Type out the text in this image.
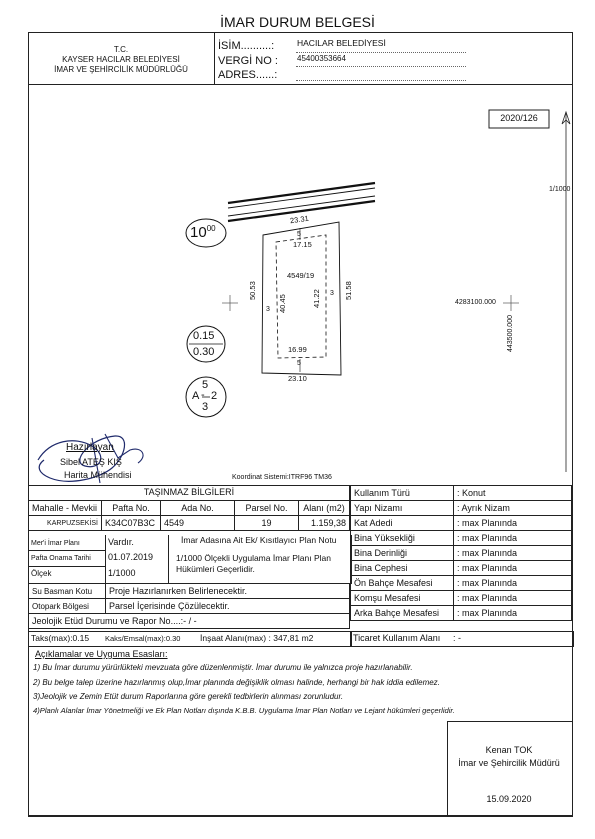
İMAR DURUM BELGESİ
T.C.
KAYSER HACILAR BELEDİYESİ
İMAR VE ŞEHİRCİLİK MÜDÜRLÜĞÜ
İSİM..........:	HACILAR BELEDİYESİ
VERGİ NO : 45400353664
ADRES......:
2020/126
1/1000
$10^{00}$
23.31
5
17.15
4549/19
50.53
3 40.45	41.22 3 51.58
16.99
5
23.10
4283100.000
443500.000
0.15
0.30
5
A - 2
3
Hazırlayan
Sibel ATEŞ KIŞ
Harita Mühendisi	Koordinat Sistemi:ITRF96 TM36
TAŞINMAZ BİLGİLERİ
Mahalle - Mevkii	Pafta No.	Ada No.	Parsel No.	Alanı (m2)
KARPUZSEKİSİ	K34C07B3C	4549	19	1.159,38
Mer'i İmar Planı	Vardır.	İmar Adasına Ait Ek/ Kısıtlayıcı Plan Notu
Pafta Onama Tarihi 01.07.2019
Ölçek	1/1000
1/1000 Ölçekli Uygulama İmar Planı Plan Hükümleri Geçerlidir.
Su Basman Kotu	Proje Hazırlanırken Belirlenecektir.
Otopark Bölgesi	Parsel İçerisinde Çözülecektir.
Jeolojik Etüd Durumu ve Rapor No....:- / -	
Taks(max):0.15 Kaks/Emsal(max):0.30 İnşaat Alanı(max) : 347,81 m2
Kullanım Türü	: Konut
Yapı Nizamı	: Ayrık Nizam
Kat Adedi	: max Planında
Bina Yüksekliği	: max Planında
Bina Derinliği	: max Planında
Bina Cephesi	: max Planında
Ön Bahçe Mesafesi	: max Planında
Komşu Mesafesi	: max Planında
Arka Bahçe Mesafesi	: max Planında
Ticaret Kullanım Alanı : -
Açıklamalar ve Uyguma Esasları:
1) Bu İmar durumu yürürlükteki mevzuata göre düzenlenmiştir. İmar durumu ile yalnızca proje hazırlanabilir.
2) Bu belge talep üzerine hazırlanmış olup,İmar planında değişiklik olması halinde, herhangi bir hak iddia edilemez.
3)Jeolojik ve Zemin Etüt durum Raporlarına göre gerekli tedbirlerin alınması zorunludur.
4)Planlı Alanlar İmar Yönetmeliği ve Ek Plan Notları dışında K.B.B. Uygulama İmar Plan Notları ve Lejant hükümleri geçerlidir.
Kenan TOK
İmar ve Şehircilik Müdürü
15.09.2020
